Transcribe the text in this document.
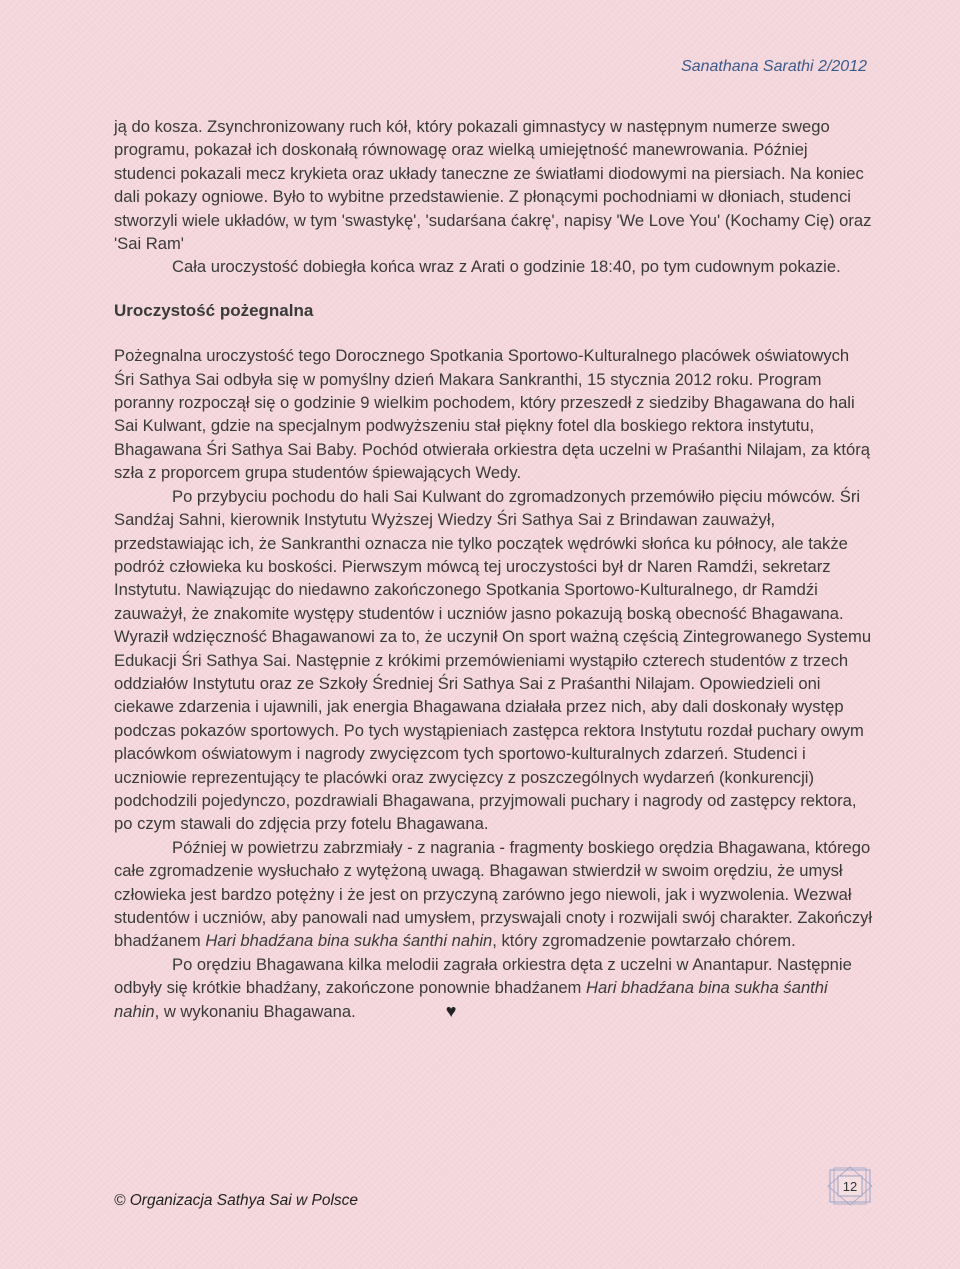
Sanathana Sarathi 2/2012

ją do kosza. Zsynchronizowany ruch kół, który pokazali gimnastycy w następnym numerze swego programu, pokazał ich doskonałą równowagę oraz wielką umiejętność manewrowania. Później studenci pokazali mecz krykieta oraz układy taneczne ze światłami diodowymi na piersiach. Na koniec dali pokazy ogniowe. Było to wybitne przedstawienie. Z płonącymi pochodniami w dłoniach, studenci stworzyli wiele układów, w tym 'swastykę', 'sudarśana ćakrę', napisy 'We Love You' (Kochamy Cię) oraz 'Sai Ram'

Cała uroczystość dobiegła końca wraz z Arati o godzinie 18:40, po tym cudownym pokazie.

Uroczystość pożegnalna

Pożegnalna uroczystość tego Dorocznego Spotkania Sportowo-Kulturalnego placówek oświatowych Śri Sathya Sai odbyła się w pomyślny dzień Makara Sankranthi, 15 stycznia 2012 roku. Program poranny rozpoczął się o godzinie 9 wielkim pochodem, który przeszedł z siedziby Bhagawana do hali Sai Kulwant, gdzie na specjalnym podwyższeniu stał piękny fotel dla boskiego rektora instytutu, Bhagawana Śri Sathya Sai Baby. Pochód otwierała orkiestra dęta uczelni w Praśanthi Nilajam, za którą szła z proporcem grupa studentów śpiewających Wedy.

Po przybyciu pochodu do hali Sai Kulwant do zgromadzonych przemówiło pięciu mówców. Śri Sandźaj Sahni, kierownik Instytutu Wyższej Wiedzy Śri Sathya Sai z Brindawan zauważył, przedstawiając ich, że Sankranthi oznacza nie tylko początek wędrówki słońca ku północy, ale także podróż człowieka ku boskości. Pierwszym mówcą tej uroczystości był dr Naren Ramdźi, sekretarz Instytutu. Nawiązując do niedawno zakończonego Spotkania Sportowo-Kulturalnego, dr Ramdźi zauważył, że znakomite występy studentów i uczniów jasno pokazują boską obecność Bhagawana. Wyraził wdzięczność Bhagawanowi za to, że uczynił On sport ważną częścią Zintegrowanego Systemu Edukacji Śri Sathya Sai. Następnie z krókimi przemówieniami wystąpiło czterech studentów z trzech oddziałów Instytutu oraz ze Szkoły Średniej Śri Sathya Sai z Praśanthi Nilajam. Opowiedzieli oni ciekawe zdarzenia i ujawnili, jak energia Bhagawana działała przez nich, aby dali doskonały występ podczas pokazów sportowych. Po tych wystąpieniach zastępca rektora Instytutu rozdał puchary owym placówkom oświatowym i nagrody zwycięzcom tych sportowo-kulturalnych zdarzeń. Studenci i uczniowie reprezentujący te placówki oraz zwycięzcy z poszczególnych wydarzeń (konkurencji) podchodzili pojedynczo, pozdrawiali Bhagawana, przyjmowali puchary i nagrody od zastępcy rektora, po czym stawali do zdjęcia przy fotelu Bhagawana.

Później w powietrzu zabrzmiały - z nagrania - fragmenty boskiego orędzia Bhagawana, którego całe zgromadzenie wysłuchało z wytężoną uwagą. Bhagawan stwierdził w swoim orędziu, że umysł człowieka jest bardzo potężny i że jest on przyczyną zarówno jego niewoli, jak i wyzwolenia. Wezwał studentów i uczniów, aby panowali nad umysłem, przyswajali cnoty i rozwijali swój charakter. Zakończył bhadźanem Hari bhadźana bina sukha śanthi nahin, który zgromadzenie powtarzało chórem.

Po orędziu Bhagawana kilka melodii zagrała orkiestra dęta z uczelni w Anantapur. Następnie odbyły się krótkie bhadźany, zakończone ponownie bhadźanem Hari bhadźana bina sukha śanthi nahin, w wykonaniu Bhagawana.	♥

© Organizacja Sathya Sai w Polsce
12
